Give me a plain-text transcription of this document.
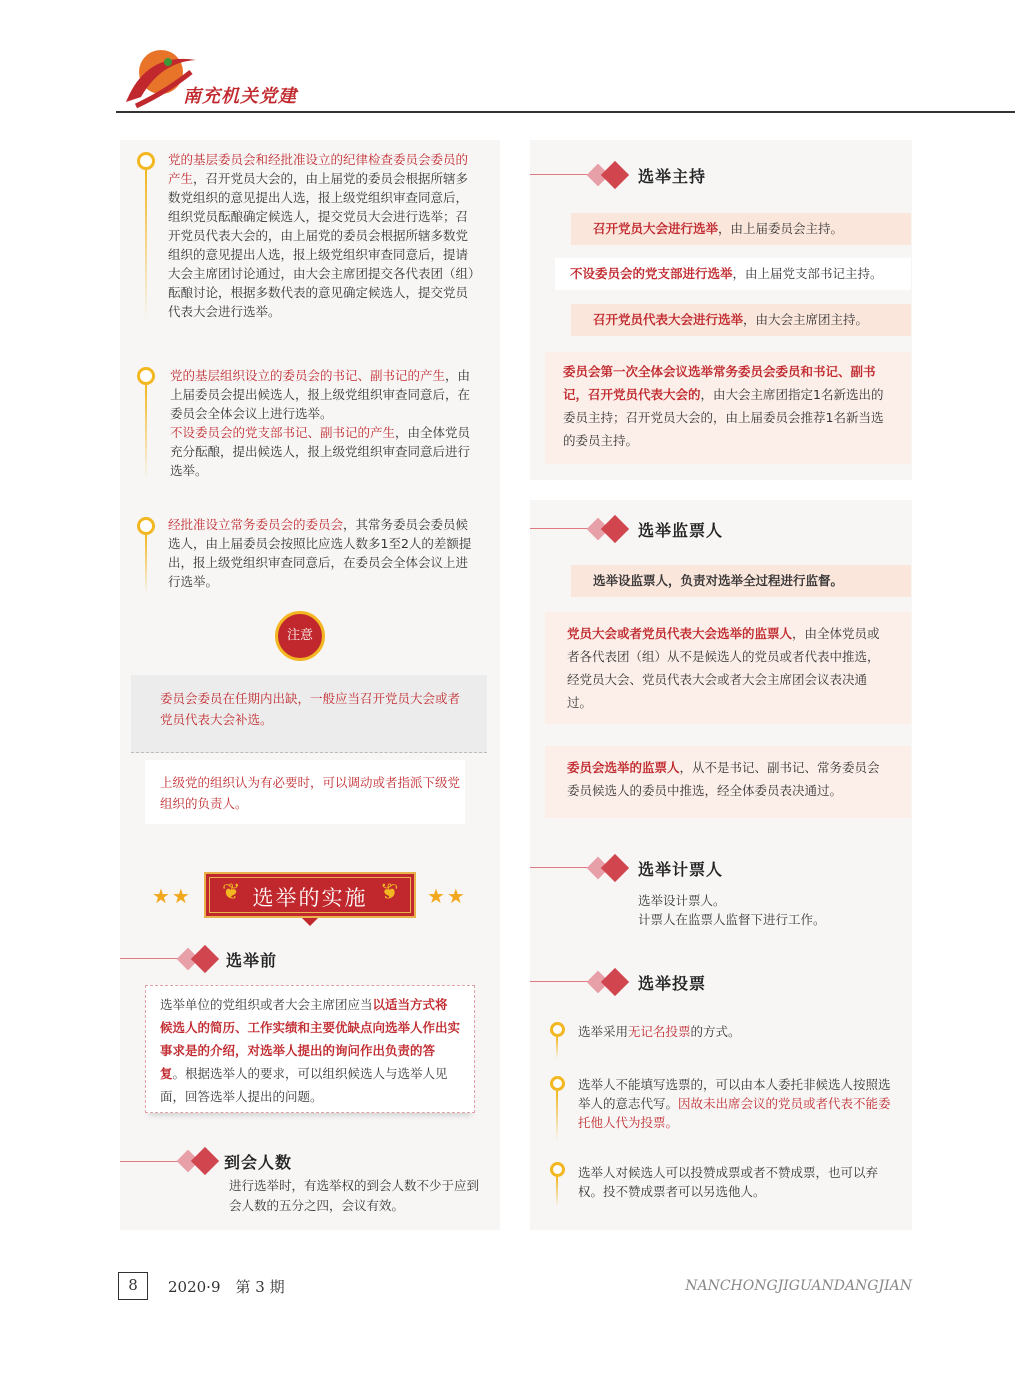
南充机关党建
党的基层委员会和经批准设立的纪律检查委员会委员的产生，召开党员大会的，由上届党的委员会根据所辖多数党组织的意见提出人选，报上级党组织审查同意后，组织党员酝酿确定候选人，提交党员大会进行选举；召开党员代表大会的，由上届党的委员会根据所辖多数党组织的意见提出人选，报上级党组织审查同意后，提请大会主席团讨论通过，由大会主席团提交各代表团（组）酝酿讨论，根据多数代表的意见确定候选人，提交党员代表大会进行选举。
党的基层组织设立的委员会的书记、副书记的产生，由上届委员会提出候选人，报上级党组织审查同意后，在委员会全体会议上进行选举。
不设委员会的党支部书记、副书记的产生，由全体党员充分酝酿，提出候选人，报上级党组织审查同意后进行选举。
经批准设立常务委员会的委员会，其常务委员会委员候选人，由上届委员会按照比应选人数多1至2人的差额提出，报上级党组织审查同意后，在委员会全体会议上进行选举。
注意
委员会委员在任期内出缺，一般应当召开党员大会或者党员代表大会补选。
上级党的组织认为有必要时，可以调动或者指派下级党组织的负责人。
★★	★★
❦	❦
选举的实施
选举前
选举单位的党组织或者大会主席团应当以适当方式将候选人的简历、工作实绩和主要优缺点向选举人作出实事求是的介绍，对选举人提出的询问作出负责的答复。根据选举人的要求，可以组织候选人与选举人见面，回答选举人提出的问题。
到会人数
进行选举时，有选举权的到会人数不少于应到会人数的五分之四，会议有效。
选举主持
召开党员大会进行选举，由上届委员会主持。
不设委员会的党支部进行选举，由上届党支部书记主持。
召开党员代表大会进行选举，由大会主席团主持。
委员会第一次全体会议选举常务委员会委员和书记、副书记，召开党员代表大会的，由大会主席团指定1名新选出的委员主持；召开党员大会的，由上届委员会推荐1名新当选的委员主持。
选举监票人
选举设监票人，负责对选举全过程进行监督。
党员大会或者党员代表大会选举的监票人，由全体党员或者各代表团（组）从不是候选人的党员或者代表中推选，经党员大会、党员代表大会或者大会主席团会议表决通过。
委员会选举的监票人，从不是书记、副书记、常务委员会委员候选人的委员中推选，经全体委员表决通过。
选举计票人
选举设计票人。
计票人在监票人监督下进行工作。
选举投票
选举采用无记名投票的方式。
选举人不能填写选票的，可以由本人委托非候选人按照选举人的意志代写。因故未出席会议的党员或者代表不能委托他人代为投票。
选举人对候选人可以投赞成票或者不赞成票，也可以弃权。投不赞成票者可以另选他人。
8	2020·9　第 3 期	NANCHONGJIGUANDANGJIAN
